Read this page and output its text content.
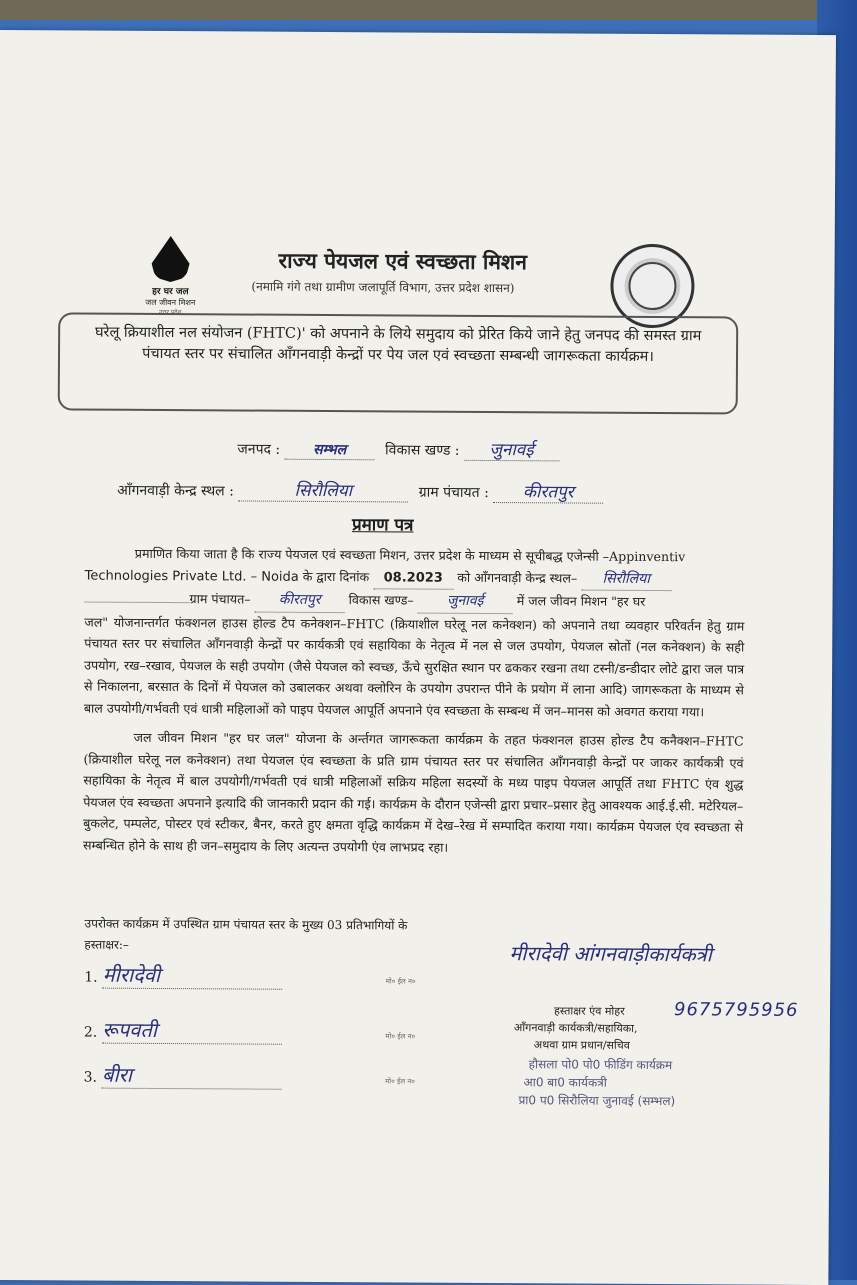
हर घर जल
जल जीवन मिशन
उत्तर प्रदेश
राज्य पेयजल एवं स्वच्छता मिशन
(नमामि गंगे तथा ग्रामीण जलापूर्ति विभाग, उत्तर प्रदेश शासन)
घरेलू क्रियाशील नल संयोजन (FHTC)' को अपनाने के लिये समुदाय को प्रेरित किये जाने हेतु जनपद की समस्त ग्राम पंचायत स्तर पर संचालित आँगनवाड़ी केन्द्रों पर पेय जल एवं स्वच्छता सम्बन्धी जागरूकता कार्यक्रम।
जनपद : सम्भल	विकास खण्ड : जुनावई
आँगनवाड़ी केन्द्र स्थल :	सिरौलिया	ग्राम पंचायत : कीरतपुर
प्रमाण पत्र
प्रमाणित किया जाता है कि राज्य पेयजल एवं स्वच्छता मिशन, उत्तर प्रदेश के माध्यम से सूचीबद्ध एजेन्सी –Appinventiv
Technologies Private Ltd. – Noida के द्वारा दिनांक 08.2023 को आँगनवाड़ी केन्द्र स्थल– सिरौलिया
ग्राम पंचायत– कीरतपुर विकास खण्ड– जुनावई	में जल जीवन मिशन "हर घर
जल" योजनान्तर्गत फंक्शनल हाउस होल्ड टैप कनेक्शन–FHTC (क्रियाशील घरेलू नल कनेक्शन) को अपनाने तथा व्यवहार परिवर्तन हेतु ग्राम पंचायत स्तर पर संचालित आँगनवाड़ी केन्द्रों पर कार्यकत्री एवं सहायिका के नेतृत्व में नल से जल उपयोग, पेयजल स्रोतों (नल कनेक्शन) के सही उपयोग, रख–रखाव, पेयजल के सही उपयोग (जैसे पेयजल को स्वच्छ, ऊँचे सुरक्षित स्थान पर ढककर रखना तथा टस्नी/डन्डीदार लोटे द्वारा जल पात्र से निकालना, बरसात के दिनों में पेयजल को उबालकर अथवा क्लोरिन के उपयोग उपरान्त पीने के प्रयोग में लाना आदि) जागरूकता के माध्यम से बाल उपयोगी/गर्भवती एवं धात्री महिलाओं को पाइप पेयजल आपूर्ति अपनाने एंव स्वच्छता के सम्बन्ध में जन–मानस को अवगत कराया गया।
जल जीवन मिशन "हर घर जल" योजना के अर्न्तगत जागरूकता कार्यक्रम के तहत फंक्शनल हाउस होल्ड टैप कनैक्शन–FHTC (क्रियाशील घरेलू नल कनेक्शन) तथा पेयजल एंव स्वच्छता के प्रति ग्राम पंचायत स्तर पर संचालित आँगनवाड़ी केन्द्रों पर जाकर कार्यकत्री एवं सहायिका के नेतृत्व में बाल उपयोगी/गर्भवती एवं धात्री महिलाओं सक्रिय महिला सदस्यों के मध्य पाइप पेयजल आपूर्ति तथा FHTC एंव शुद्ध पेयजल एंव स्वच्छता अपनाने इत्यादि की जानकारी प्रदान की गई। कार्यक्रम के दौरान एजेन्सी द्वारा प्रचार–प्रसार हेतु आवश्यक आई.ई.सी. मटेरियल–बुकलेट, पम्पलेट, पोस्टर एवं स्टीकर, बैनर, करते हुए क्षमता वृद्धि कार्यक्रम में देख–रेख में सम्पादित कराया गया। कार्यक्रम पेयजल एंव स्वच्छता से सम्बन्धित होने के साथ ही जन–समुदाय के लिए अत्यन्त उपयोगी एंव लाभप्रद रहा।
उपरोक्त कार्यक्रम में उपस्थित ग्राम पंचायत स्तर के मुख्य 03 प्रतिभागियों के
हस्ताक्षर:–
1. मीरादेवी	मो० ईल न०
2. रूपवती	मो० ईल न०
3. बीरा	मो० ईल न०
मीरादेवी आंगनवाड़ीकार्यकत्री
9675795956
हस्ताक्षर एंव मोहर
आँगनवाड़ी कार्यकत्री/सहायिका,
अथवा ग्राम प्रधान/सचिव
हौसला पो0 पो0 फीडिंग कार्यक्रम
आ0 बा0 कार्यकत्री
प्रा0 प0 सिरौलिया जुनावई (सम्भल)
